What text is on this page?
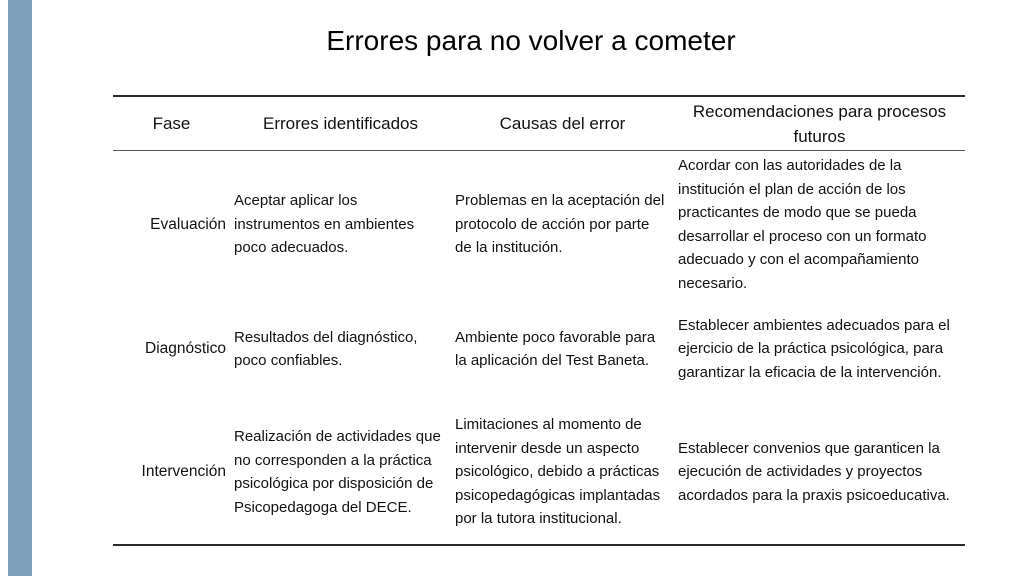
Errores para no volver a cometer
Fase	Errores identificados	Causas del error
Recomendaciones para procesos futuros
Evaluación
Aceptar aplicar los instrumentos en ambientes poco adecuados.
Problemas en la aceptación del protocolo de acción por parte de la institución.
Acordar con las autoridades de la institución el plan de acción de los practicantes de modo que se pueda desarrollar el proceso con un formato adecuado y con el acompañamiento necesario.
Diagnóstico
Resultados del diagnóstico, poco confiables.
Ambiente poco favorable para la aplicación del Test Baneta.
Establecer ambientes adecuados para el ejercicio de la práctica psicológica, para garantizar la eficacia de la intervención.
Intervención
Realización de actividades que no corresponden a la práctica psicológica por disposición de Psicopedagoga del DECE.
Limitaciones al momento de intervenir desde un aspecto psicológico, debido a prácticas psicopedagógicas implantadas por la tutora institucional.
Establecer convenios que garanticen la ejecución de actividades y proyectos acordados para la praxis psicoeducativa.
